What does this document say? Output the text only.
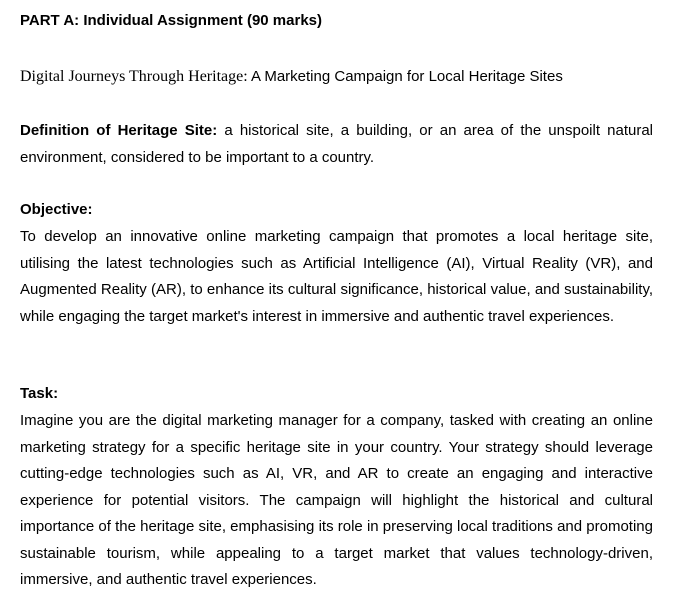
PART A: Individual Assignment (90 marks)
Digital Journeys Through Heritage: A Marketing Campaign for Local Heritage Sites

Definition of Heritage Site: a historical site, a building, or an area of the unspoilt natural environment, considered to be important to a country.

Objective:

To develop an innovative online marketing campaign that promotes a local heritage site, utilising the latest technologies such as Artificial Intelligence (AI), Virtual Reality (VR), and Augmented Reality (AR), to enhance its cultural significance, historical value, and sustainability, while engaging the target market's interest in immersive and authentic travel experiences.

Task:

Imagine you are the digital marketing manager for a company, tasked with creating an online marketing strategy for a specific heritage site in your country. Your strategy should leverage cutting-edge technologies such as AI, VR, and AR to create an engaging and interactive experience for potential visitors. The campaign will highlight the historical and cultural importance of the heritage site, emphasising its role in preserving local traditions and promoting sustainable tourism, while appealing to a target market that values technology-driven, immersive, and authentic travel experiences.
